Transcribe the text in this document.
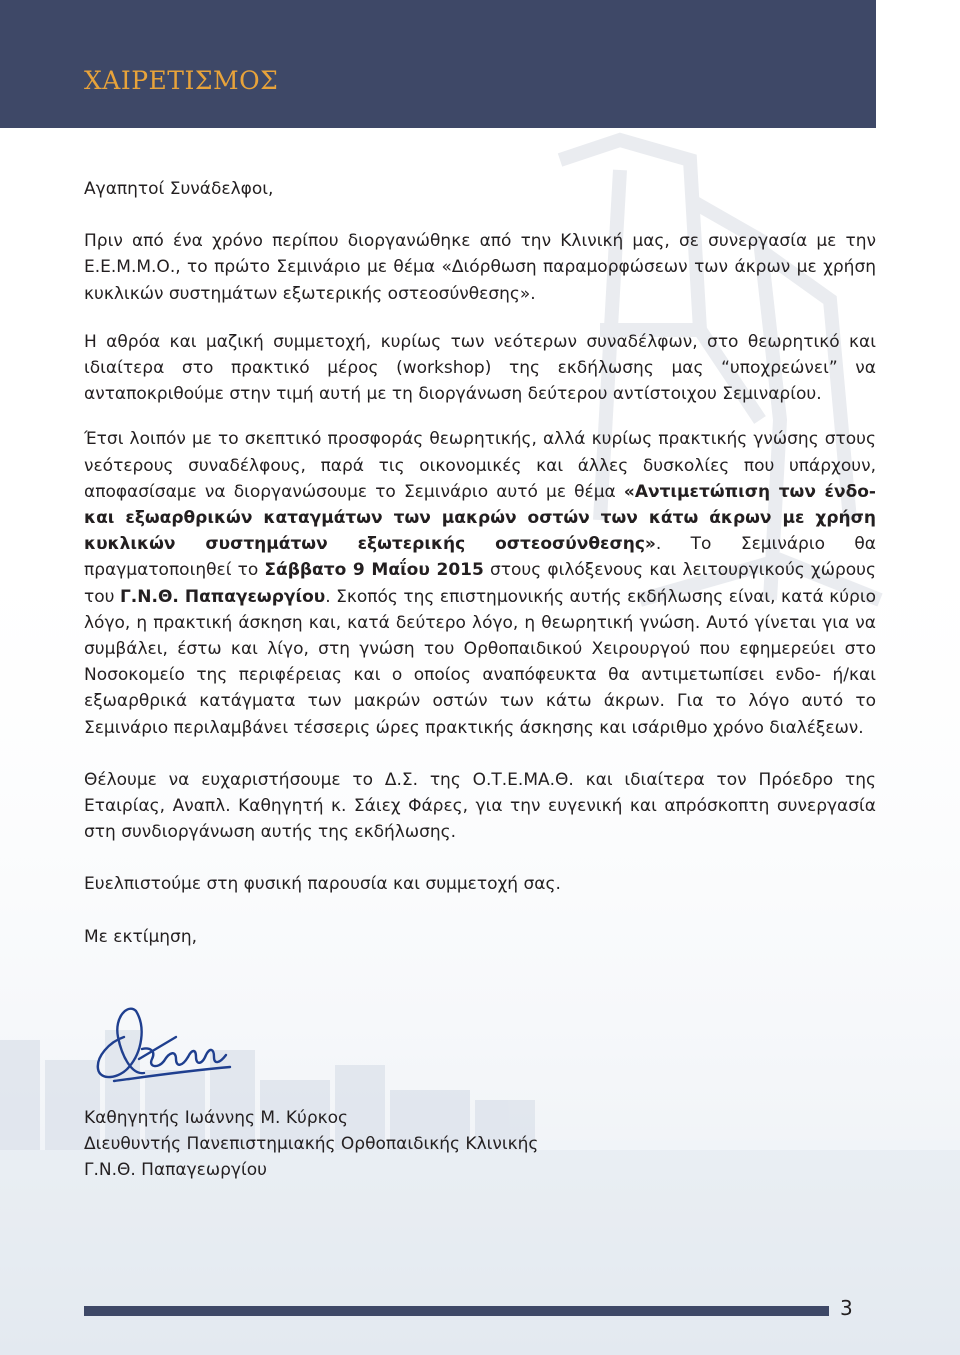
ΧΑΙΡΕΤΙΣΜΟΣ

Αγαπητοί Συνάδελφοι,

Πριν από ένα χρόνο περίπου διοργανώθηκε από την Κλινική μας, σε συνεργασία με την Ε.Ε.Μ.Μ.Ο., το πρώτο Σεμινάριο με θέμα «Διόρθωση παραμορφώσεων των άκρων με χρήση κυκλικών συστημάτων εξωτερικής οστεοσύνθεσης».

Η αθρόα και μαζική συμμετοχή, κυρίως των νεότερων συναδέλφων, στο θεωρητικό και ιδιαίτερα στο πρακτικό μέρος (workshop) της εκδήλωσης μας “υποχρεώνει” να ανταποκριθούμε στην τιμή αυτή με τη διοργάνωση δεύτερου αντίστοιχου Σεμιναρίου.

Έτσι λοιπόν με το σκεπτικό προσφοράς θεωρητικής, αλλά κυρίως πρακτικής γνώσης στους νεότερους συναδέλφους, παρά τις οικονομικές και άλλες δυσκολίες που υπάρχουν, αποφασίσαμε να διοργανώσουμε το Σεμινάριο αυτό με θέμα «Αντιμετώπιση των ένδο- και εξωαρθρικών καταγμάτων των μακρών οστών των κάτω άκρων με χρήση κυκλικών συστημάτων εξωτερικής οστεοσύνθεσης». Το Σεμινάριο θα πραγματοποιηθεί το Σάββατο 9 Μαΐου 2015 στους φιλόξενους και λειτουργικούς χώρους του Γ.Ν.Θ. Παπαγεωργίου. Σκοπός της επιστημονικής αυτής εκδήλωσης είναι, κατά κύριο λόγο, η πρακτική άσκηση και, κατά δεύτερο λόγο, η θεωρητική γνώση. Αυτό γίνεται για να συμβάλει, έστω και λίγο, στη γνώση του Ορθοπαιδικού Χειρουργού που εφημερεύει στο Νοσοκομείο της περιφέρειας και ο οποίος αναπόφευκτα θα αντιμετωπίσει ενδο- ή/και εξωαρθρικά κατάγματα των μακρών οστών των κάτω άκρων. Για το λόγο αυτό το Σεμινάριο περιλαμβάνει τέσσερις ώρες πρακτικής άσκησης και ισάριθμο χρόνο διαλέξεων.

Θέλουμε να ευχαριστήσουμε το Δ.Σ. της Ο.Τ.Ε.ΜΑ.Θ. και ιδιαίτερα τον Πρόεδρο της Εταιρίας, Αναπλ. Καθηγητή κ. Σάιεχ Φάρες, για την ευγενική και απρόσκοπτη συνεργασία στη συνδιοργάνωση αυτής της εκδήλωσης.

Ευελπιστούμε στη φυσική παρουσία και συμμετοχή σας.

Με εκτίμηση,

Καθηγητής Ιωάννης Μ. Κύρκος
Διευθυντής Πανεπιστημιακής Ορθοπαιδικής Κλινικής
Γ.Ν.Θ. Παπαγεωργίου
3
